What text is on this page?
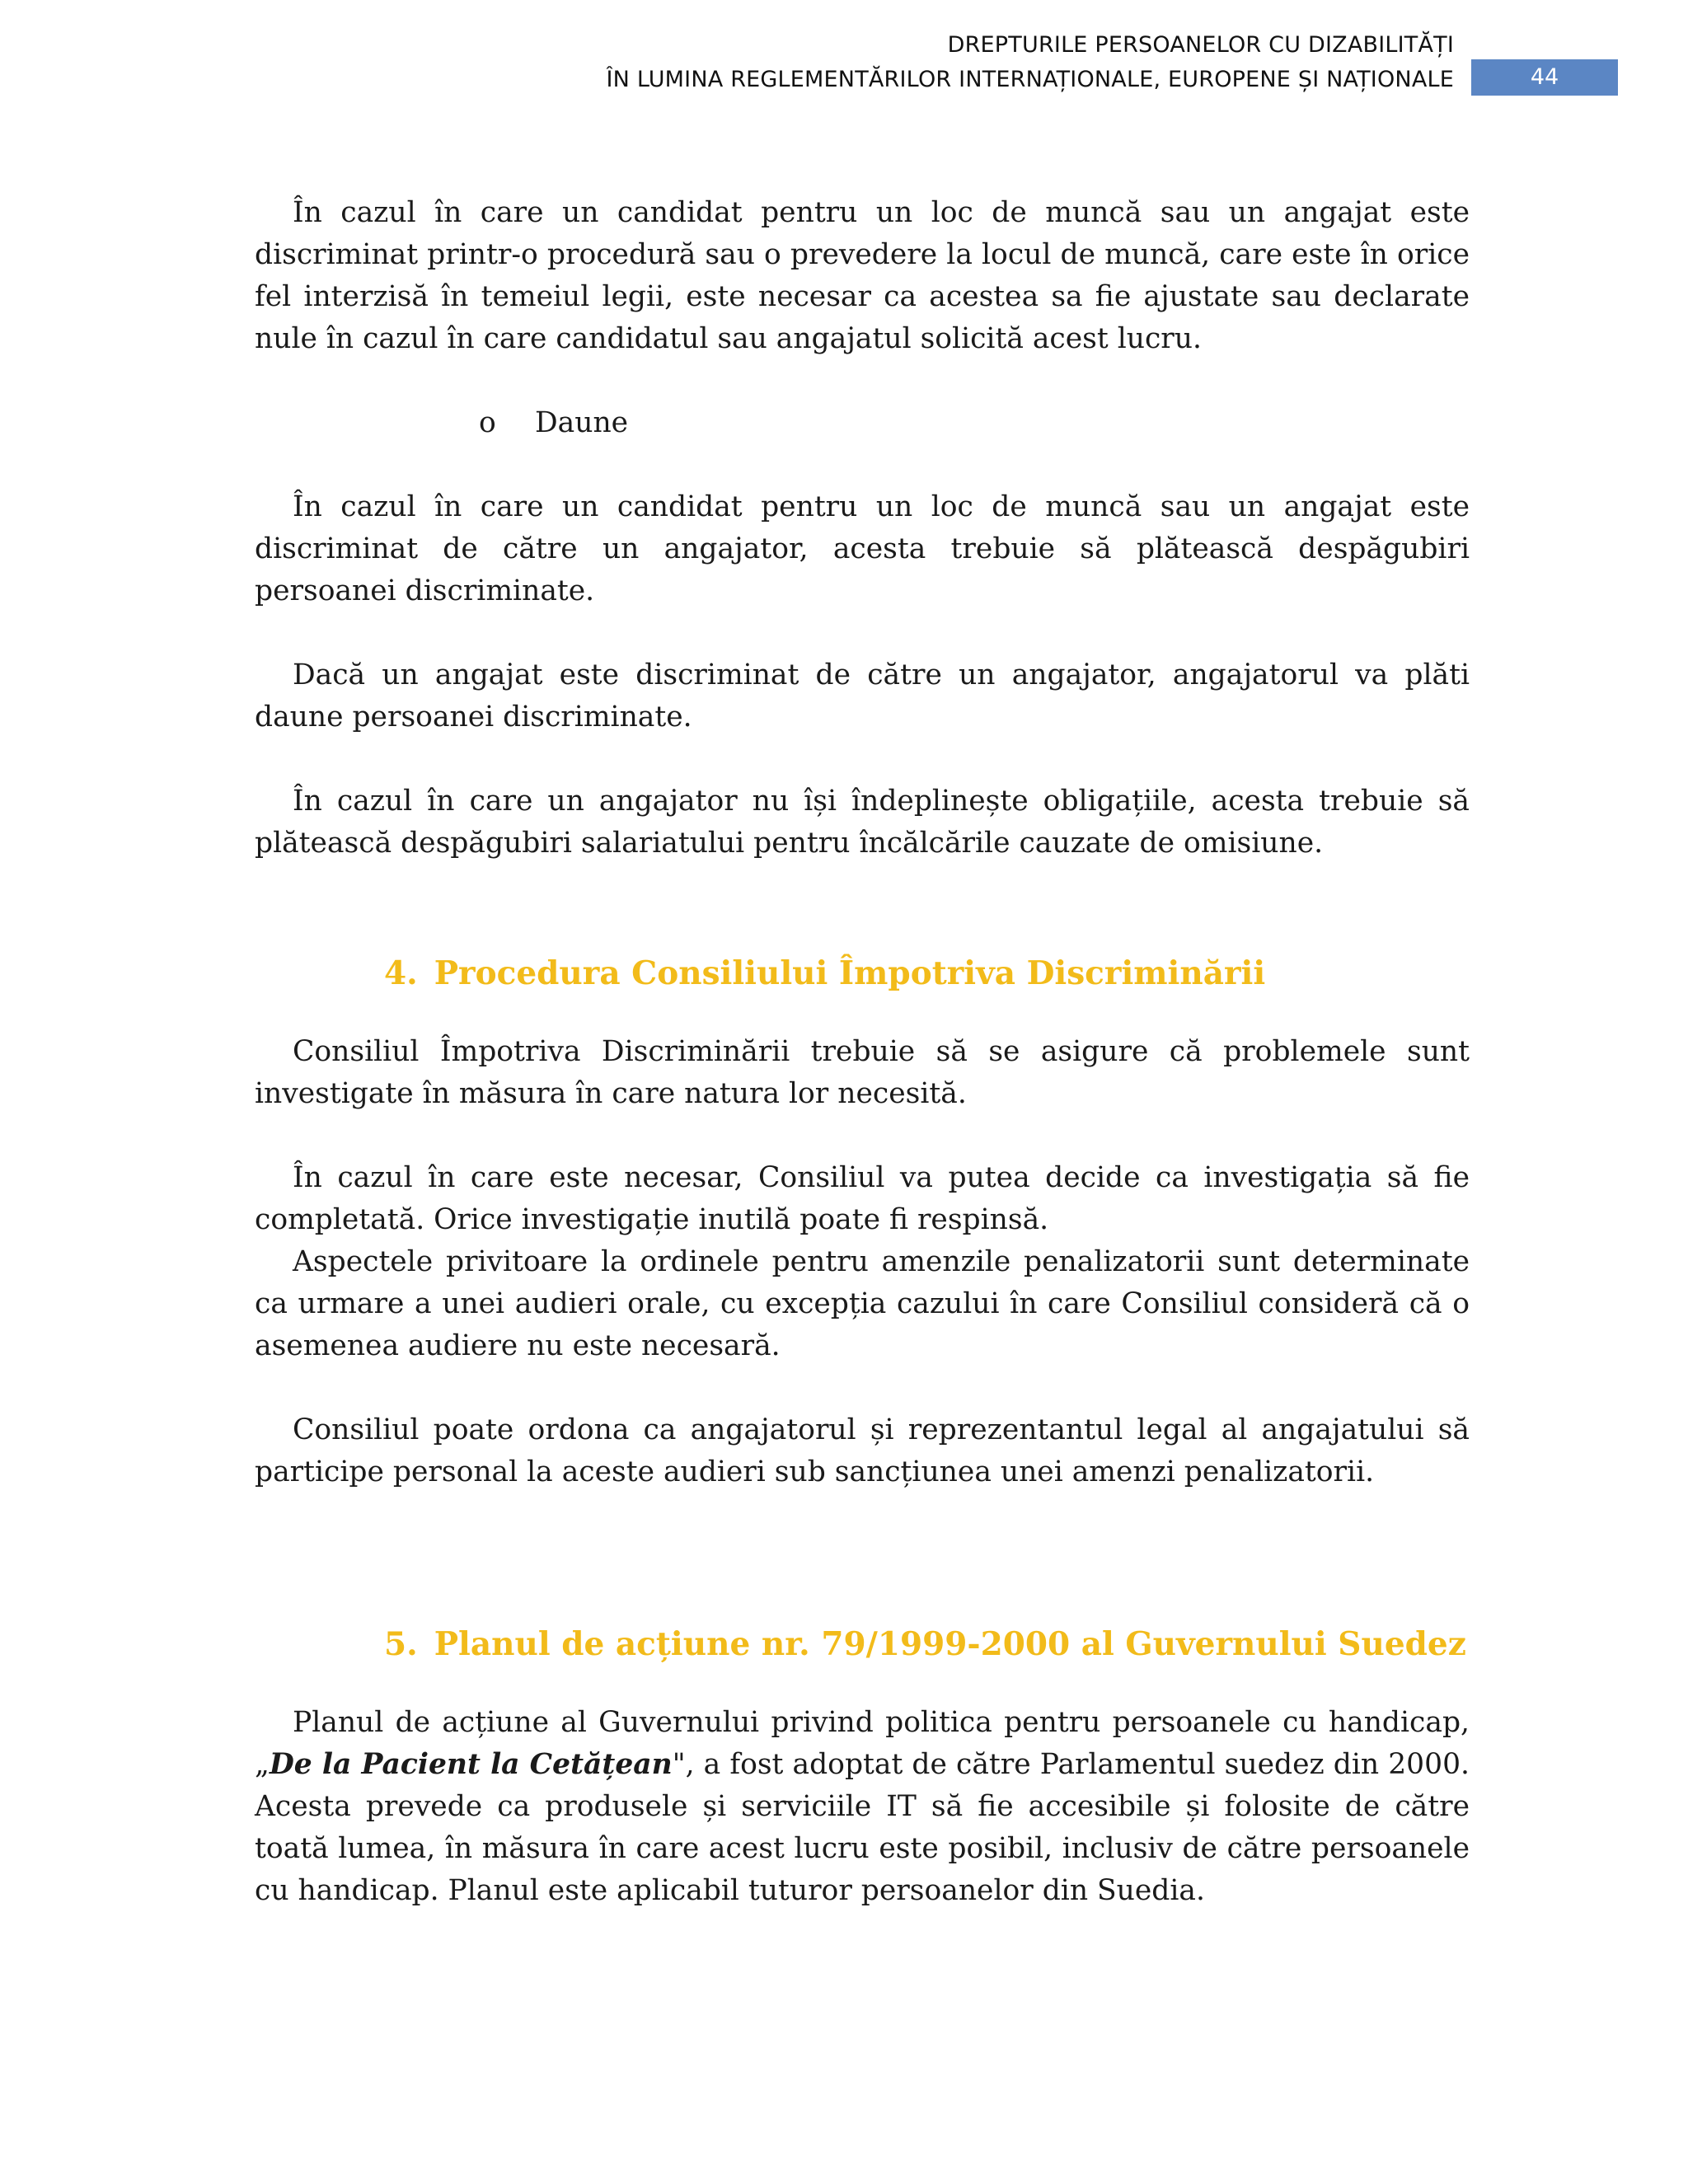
DREPTURILE PERSOANELOR CU DIZABILITĂȚI
ÎN LUMINA REGLEMENTĂRILOR INTERNAȚIONALE, EUROPENE ȘI NAȚIONALE	44

În cazul în care un candidat pentru un loc de muncă sau un angajat este discriminat printr-o procedură sau o prevedere la locul de muncă, care este în orice fel interzisă în temeiul legii, este necesar ca acestea sa fie ajustate sau declarate nule în cazul în care candidatul sau angajatul solicită acest lucru.

o Daune

În cazul în care un candidat pentru un loc de muncă sau un angajat este discriminat de către un angajator, acesta trebuie să plătească despăgubiri persoanei discriminate.

Dacă un angajat este discriminat de către un angajator, angajatorul va plăti daune persoanei discriminate.

În cazul în care un angajator nu își îndeplinește obligațiile, acesta trebuie să plătească despăgubiri salariatului pentru încălcările cauzate de omisiune.

4. Procedura Consiliului Împotriva Discriminării

Consiliul Împotriva Discriminării trebuie să se asigure că problemele sunt investigate în măsura în care natura lor necesită.

În cazul în care este necesar, Consiliul va putea decide ca investigația să fie completată. Orice investigație inutilă poate fi respinsă.

Aspectele privitoare la ordinele pentru amenzile penalizatorii sunt determinate ca urmare a unei audieri orale, cu excepția cazului în care Consiliul consideră că o asemenea audiere nu este necesară.

Consiliul poate ordona ca angajatorul și reprezentantul legal al angajatului să participe personal la aceste audieri sub sancțiunea unei amenzi penalizatorii.

5. Planul de acțiune nr. 79/1999-2000 al Guvernului Suedez

Planul de acțiune al Guvernului privind politica pentru persoanele cu handicap, „De la Pacient la Cetățean", a fost adoptat de către Parlamentul suedez din 2000. Acesta prevede ca produsele și serviciile IT să fie accesibile și folosite de către toată lumea, în măsura în care acest lucru este posibil, inclusiv de către persoanele cu handicap. Planul este aplicabil tuturor persoanelor din Suedia.
